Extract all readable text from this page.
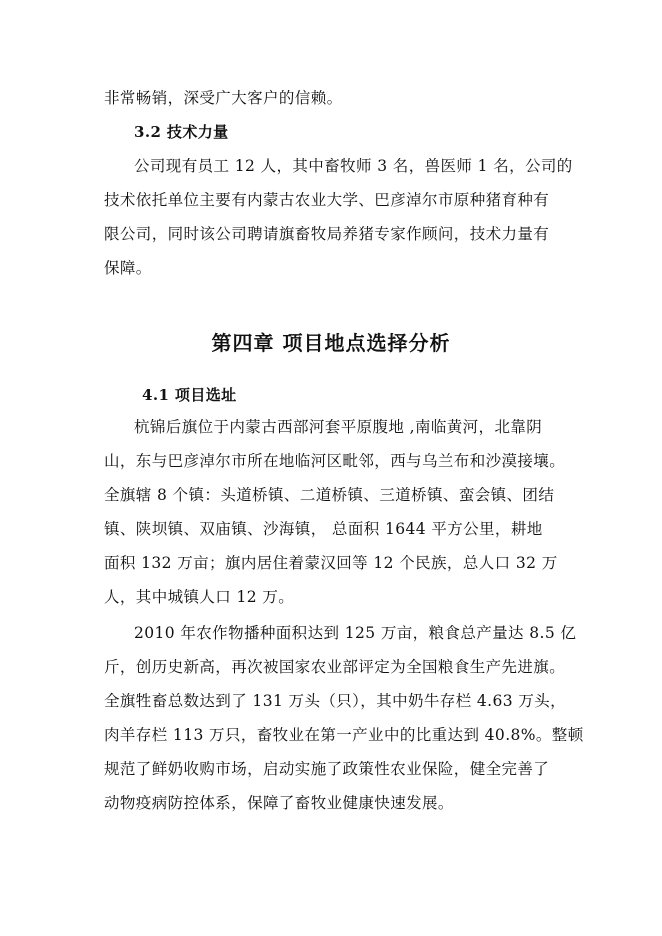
非常畅销，深受广大客户的信赖。
3.2 技术力量
公司现有员工 12 人，其中畜牧师 3 名，兽医师 1 名，公司的
技术依托单位主要有内蒙古农业大学、巴彦淖尔市原种猪育种有
限公司，同时该公司聘请旗畜牧局养猪专家作顾问，技术力量有
保障。
第四章 项目地点选择分析
4.1 项目选址
杭锦后旗位于内蒙古西部河套平原腹地 ,南临黄河，北靠阴
山，东与巴彦淖尔市所在地临河区毗邻，西与乌兰布和沙漠接壤。
全旗辖 8 个镇：头道桥镇、二道桥镇、三道桥镇、蛮会镇、团结
镇、陕坝镇、双庙镇、沙海镇， 总面积 1644 平方公里，耕地
面积 132 万亩；旗内居住着蒙汉回等 12 个民族，总人口 32 万
人，其中城镇人口 12 万。
2010 年农作物播种面积达到 125 万亩，粮食总产量达 8.5 亿
斤，创历史新高，再次被国家农业部评定为全国粮食生产先进旗。
全旗牲畜总数达到了 131 万头（只），其中奶牛存栏 4.63 万头，
肉羊存栏 113 万只，畜牧业在第一产业中的比重达到 40.8%。整顿
规范了鲜奶收购市场，启动实施了政策性农业保险，健全完善了
动物疫病防控体系，保障了畜牧业健康快速发展。
